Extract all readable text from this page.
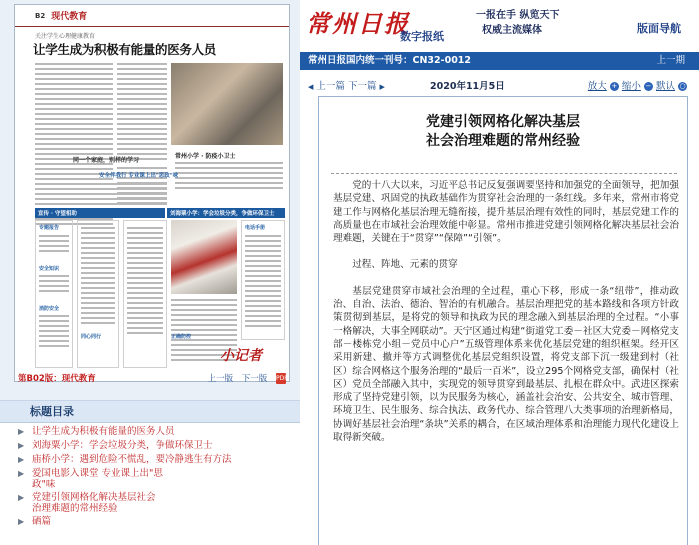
B2 现代教育
关注学生心理健康教育
让学生成为积极有能量的医务人员
常州小学 · 防疫小卫士
同一个家庭，别样的学习
安全伴我行 专业课上出"思政"味
宣传 · 守望相助	刘海粟小学：学会垃圾分类，争做环保卫士
专题报告
安全知识
消防安全
同心同行
电话手册
正确防控
小记者
第B02版：现代教育	上一版 下一版 PDF
标题目录
▶ 让学生成为积极有能量的医务人员
▶ 刘海粟小学：学会垃圾分类，争做环保卫士
▶ 庙桥小学：遇到危险不慌乱，要冷静逃生有方法
▶ 爱国电影入课堂 专业课上出"思政"味
▶ 党建引领网格化解决基层社会治理难题的常州经验
▶ 硒篇
常州日报
数字报纸
一报在手 纵览天下
权威主流媒体	版面导航
常州日报国内统一刊号：CN32-0012	上一期
◀ 上一篇 下一篇 ▶	2020年11月5日	放大 + 缩小 − 默认 ○
党建引领网格化解决基层
社会治理难题的常州经验

党的十八大以来，习近平总书记反复强调要坚持和加强党的全面领导，把加强基层党建、巩固党的执政基础作为贯穿社会治理的一条红线。多年来，常州市将党建工作与网格化基层治理无缝衔接，提升基层治理有效性的同时，基层党建工作的高质量也在市域社会治理效能中彰显。常州市推进党建引领网格化解决基层社会治理难题，关键在于“贯穿”“保障”“引领”。

过程、阵地、元素的贯穿

基层党建贯穿市域社会治理的全过程，重心下移，形成一条“纽带”，推动政治、自治、法治、德治、智治的有机融合。基层治理把党的基本路线和各项方针政策贯彻到基层，是将党的领导和执政为民的理念融入到基层治理的全过程。“小事一格解决，大事全网联动”。天宁区通过构建“街道党工委－社区大党委－网格党支部－楼栋党小组－党员中心户”五级管理体系来优化基层党建的组织框架。经开区采用新建、撤并等方式调整优化基层党组织设置，将党支部下沉一级建到村（社区）综合网格这个服务治理的“最后一百米”，设立295个网格党支部，确保村（社区）党员全部融入其中，实现党的领导贯穿到最基层、扎根在群众中。武进区探索形成了坚持党建引领，以为民服务为核心，涵盖社会治安、公共安全、城市管理、环境卫生、民生服务、综合执法、政务代办、综合管理八大类事项的治理新格局，协调好基层社会治理“条块”关系的耦合，在区域治理体系和治理能力现代化建设上取得新突破。
